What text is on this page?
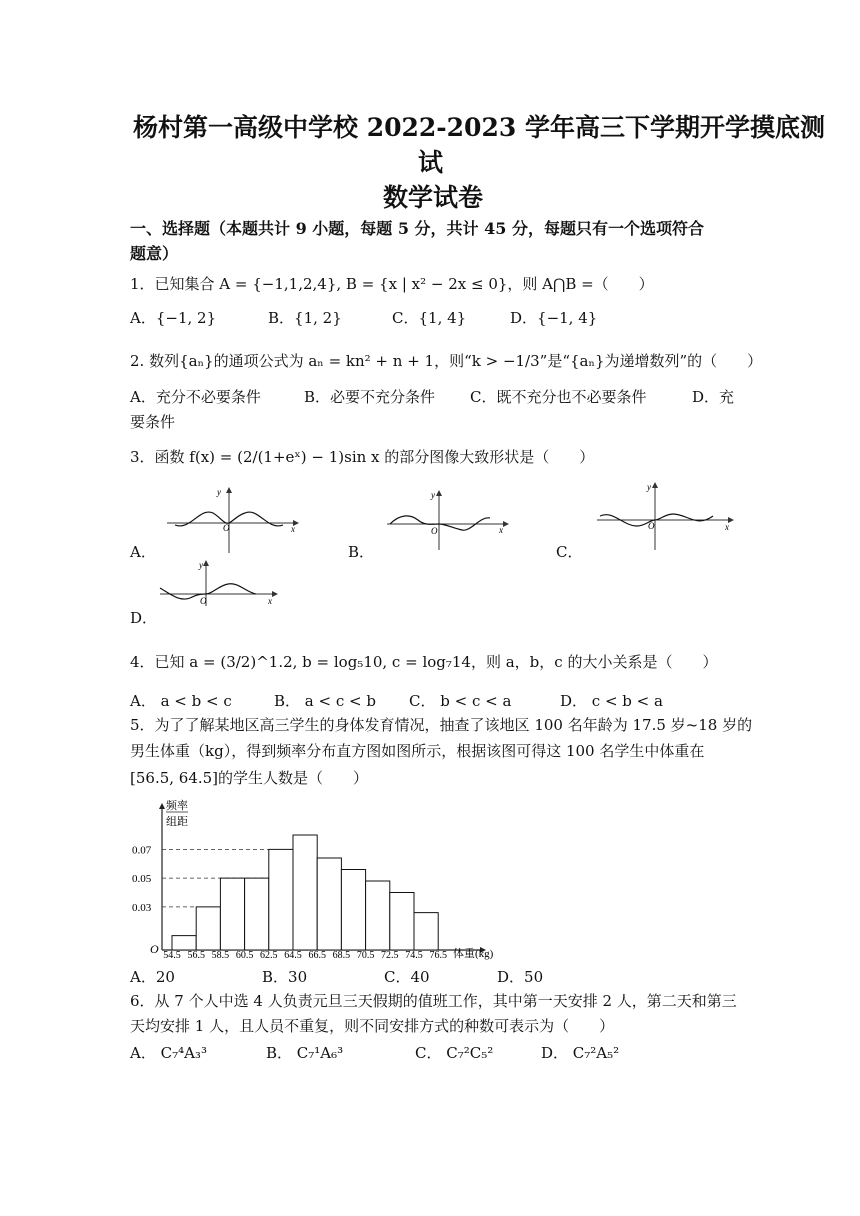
杨村第一高级中学校 2022-2023 学年高三下学期开学摸底测
试
数学试卷
一、选择题（本题共计 9 小题，每题 5 分，共计 45 分，每题只有一个选项符合
题意）
1．已知集合 A = {−1,1,2,4}, B = {x | x² − 2x ≤ 0}，则 A⋂B =（　　）
A．{−1, 2}	B．{1, 2}	C．{1, 4}	D．{−1, 4}
2. 数列{aₙ}的通项公式为 aₙ = kn² + n + 1，则“k > −1/3”是“{aₙ}为递增数列”的（　　）
A．充分不必要条件	B．必要不充分条件 C．既不充分也不必要条件	D．充
要条件
3．函数 f(x) = (2/(1+eˣ) − 1)sin x 的部分图像大致形状是（　　）
A．
O	x
y
B．
O	x
y
C．
O	x
y
D．
O	x
y
4．已知 a = (3/2)^1.2, b = log₅10, c = log₇14，则 a，b，c 的大小关系是（　　）
A． a < b < c	B． a < c < b C． b < c < a	D． c < b < a
5．为了了解某地区高三学生的身体发育情况，抽查了该地区 100 名年龄为 17.5 岁~18 岁的
男生体重（kg），得到频率分布直方图如图所示，根据该图可得这 100 名学生中体重在
[56.5, 64.5]的学生人数是（　　）
频率
组距
O	体重(kg)
0.03
0.05
0.07
54.5 56.5 58.5 60.5 62.5 64.5 66.5 68.5 70.5 72.5 74.5 76.5
A．20	B．30	C．40	D．50
6．从 7 个人中选 4 人负责元旦三天假期的值班工作，其中第一天安排 2 人，第二天和第三
天均安排 1 人，且人员不重复，则不同安排方式的种数可表示为（　　）
A． C₇⁴A₃³	B． C₇¹A₆³	C． C₇²C₅²	D． C₇²A₅²
